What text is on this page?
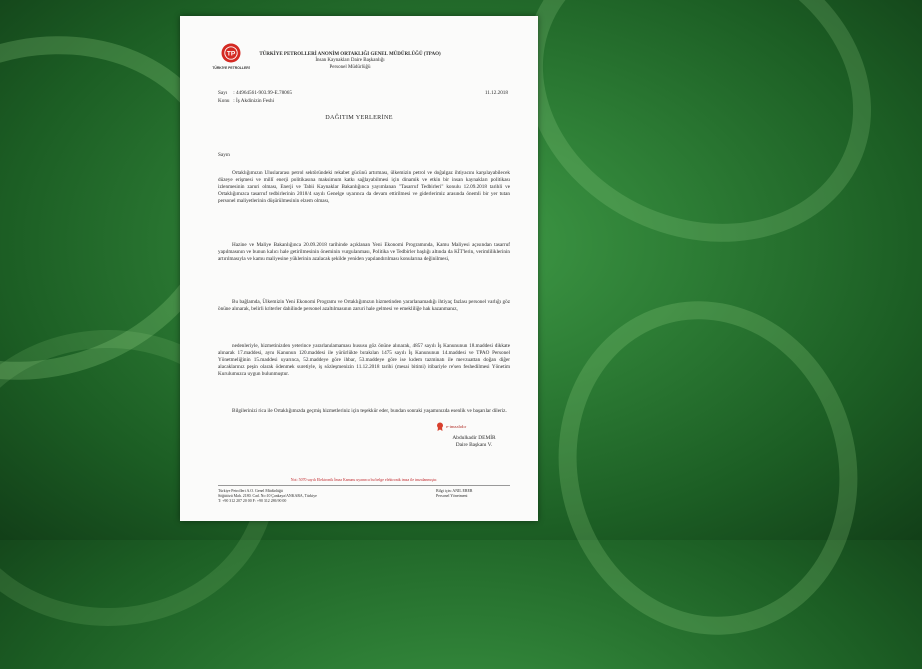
TP
TÜRKİYE PETROLLERİ
TÜRKİYE PETROLLERİ ANONİM ORTAKLIĞI GENEL MÜDÜRLÜĞÜ (TPAO)
İnsan Kaynakları Daire Başkanlığı
Personel Müdürlüğü
Sayı : 44964561-903.99-E.78065	11.12.2018
Konu : İş Akdinizin Feshi
DAĞITIM YERLERİNE
Sayın

Ortaklığımızın Uluslararası petrol sektöründeki rekabet gücünü artırması, ülkemizin petrol ve doğalgaz ihtiyacını karşılayabilecek düzeye erişmesi ve millî enerji politikasına maksimum katkı sağlayabilmesi için dinamik ve etkin bir insan kaynakları politikası izlenmesinin zaruri olması, Enerji ve Tabii Kaynaklar Bakanlığınca yayımlanan "Tasarruf Tedbirleri" konulu 12.09.2018 tarihli ve Ortaklığımızca tasarruf tedbirlerinin 2018/4 sayılı Genelge uyarınca da devam ettirilmesi ve giderlerimiz arasında önemli bir yer tutan personel maliyetlerinin düşürülmesinin elzem olması,

Hazine ve Maliye Bakanlığınca 20.09.2018 tarihinde açıklanan Yeni Ekonomi Programında, Kamu Maliyesi açısından tasarruf yapılmasının ve bunun kalıcı hale getirilmesinin öneminin vurgulanması, Politika ve Tedbirler başlığı altında da KİT'lerin, verimliliklerinin artırılmasıyla ve kamu maliyesine yüklerinin azalacak şekilde yeniden yapılandırılması konularına değinilmesi,

Bu bağlamda, Ülkemizin Yeni Ekonomi Programı ve Ortaklığımızın hizmetinden yararlanamadığı ihtiyaç fazlası personel varlığı göz önüne alınarak, belirli kriterler dahilinde personel azaltılmasının zaruri hale gelmesi ve emekliliğe hak kazanmanız,

nedenleriyle, hizmetinizden yeterince yararlanılamaması hususu göz önüne alınarak, 4857 sayılı İş Kanununun 18.maddesi dikkate alınarak 17.maddesi, aynı Kanunun 120.maddesi ile yürürlükte bırakılan 1475 sayılı İş Kanununun 14.maddesi ve TPAO Personel Yönetmeliğinin 15.maddesi uyarınca, 52.maddeye göre ihbar, 53.maddeye göre ise kıdem tazminatı ile mevzuattan doğan diğer alacaklarınız peşin olarak ödenmek suretiyle, iş sözleşmenizin 11.12.2018 tarihi (mesai bitimi) itibariyle re'sen feshedilmesi Yönetim Kurulumuzca uygun bulunmuştur.

Bilgilerinizi rica ile Ortaklığımızda geçmiş hizmetleriniz için teşekkür eder, bundan sonraki yaşamınızda esenlik ve başarılar dileriz.

e-imzalıdır
Abdulkadir DEMİR
Daire Başkanı V.
Not: 5070 sayılı Elektronik İmza Kanunu uyarınca bu belge elektronik imza ile imzalanmıştır.
Türkiye Petrolleri A.O. Genel Müdürlüğü
Söğütözü Mah. 2180. Cad. No:10 Çankaya/ANKARA, Türkiye
T: +90 312 207 20 00 F: +90 312 286 90 00
Bilgi için: ANIL ERER
Personel Yönetmeni
